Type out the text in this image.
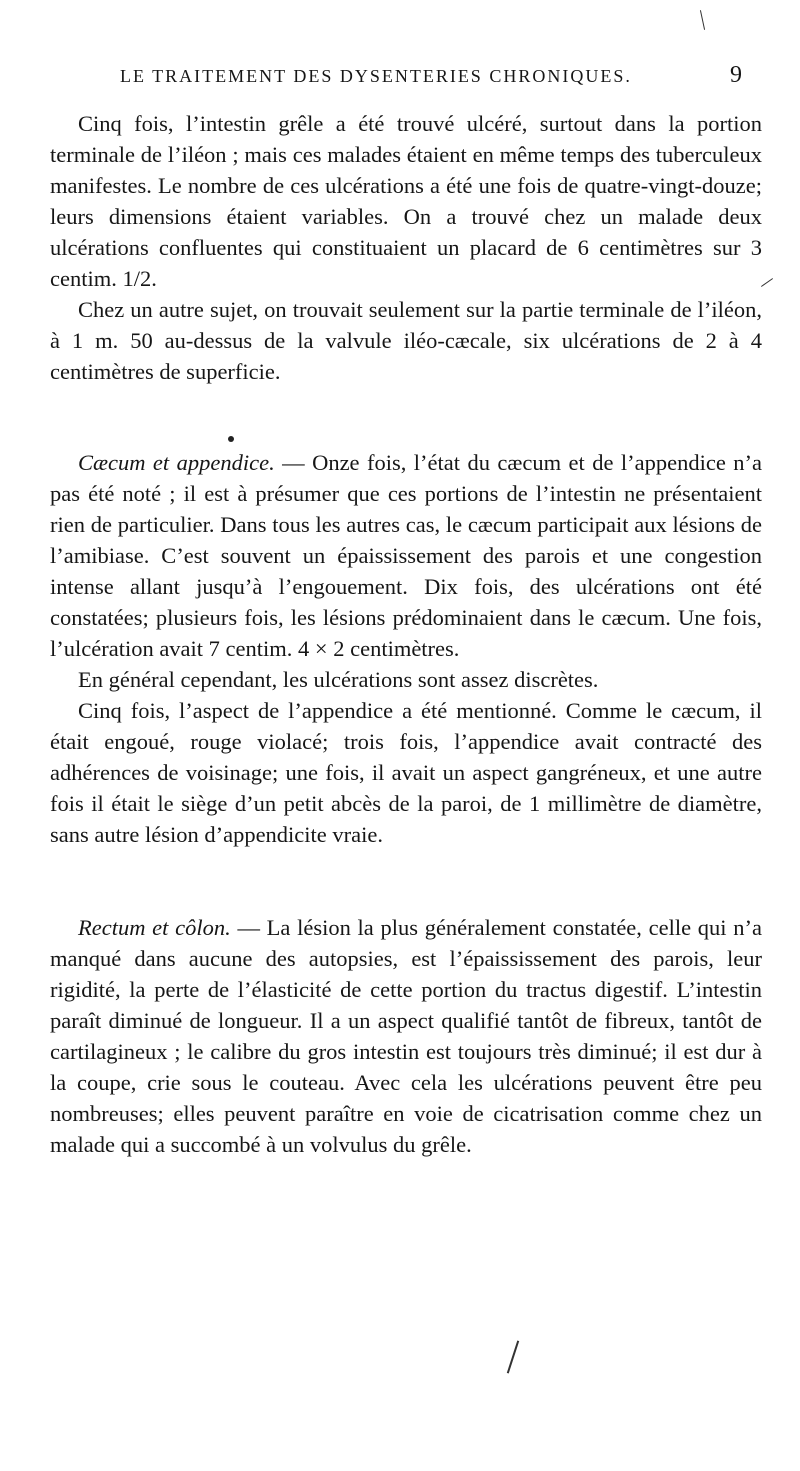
LE TRAITEMENT DES DYSENTERIES CHRONIQUES.	9

Cinq fois, l’intestin grêle a été trouvé ulcéré, surtout dans la portion terminale de l’iléon ; mais ces malades étaient en même temps des tuberculeux manifestes. Le nombre de ces ulcérations a été une fois de quatre-vingt-douze; leurs dimensions étaient variables. On a trouvé chez un malade deux ulcérations confluentes qui constituaient un placard de 6 centimètres sur 3 centim. 1/2.

Chez un autre sujet, on trouvait seulement sur la partie terminale de l’iléon, à 1 m. 50 au-dessus de la valvule iléo-cæcale, six ulcérations de 2 à 4 centimètres de superficie.

Cæcum et appendice. — Onze fois, l’état du cæcum et de l’appendice n’a pas été noté ; il est à présumer que ces portions de l’intestin ne présentaient rien de particulier. Dans tous les autres cas, le cæcum participait aux lésions de l’amibiase. C’est souvent un épaississement des parois et une congestion intense allant jusqu’à l’engouement. Dix fois, des ulcérations ont été constatées; plusieurs fois, les lésions prédominaient dans le cæcum. Une fois, l’ulcération avait 7 centim. 4 × 2 centimètres.

En général cependant, les ulcérations sont assez discrètes.

Cinq fois, l’aspect de l’appendice a été mentionné. Comme le cæcum, il était engoué, rouge violacé; trois fois, l’appendice avait contracté des adhérences de voisinage; une fois, il avait un aspect gangréneux, et une autre fois il était le siège d’un petit abcès de la paroi, de 1 millimètre de diamètre, sans autre lésion d’appendicite vraie.

Rectum et côlon. — La lésion la plus généralement constatée, celle qui n’a manqué dans aucune des autopsies, est l’épaississement des parois, leur rigidité, la perte de l’élasticité de cette portion du tractus digestif. L’intestin paraît diminué de longueur. Il a un aspect qualifié tantôt de fibreux, tantôt de cartilagineux ; le calibre du gros intestin est toujours très diminué; il est dur à la coupe, crie sous le couteau. Avec cela les ulcérations peuvent être peu nombreuses; elles peuvent paraître en voie de cicatrisation comme chez un malade qui a succombé à un volvulus du grêle.
